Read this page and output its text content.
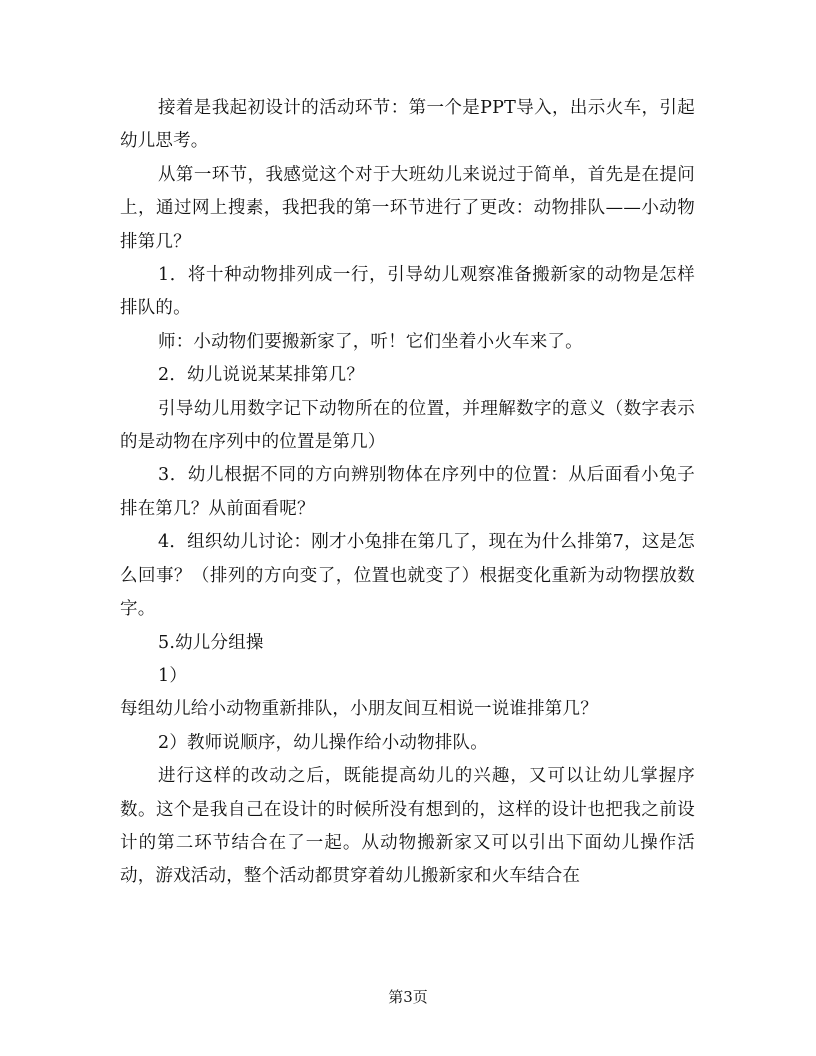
接着是我起初设计的活动环节：第一个是PPT导入，出示火车，引起幼儿思考。

从第一环节，我感觉这个对于大班幼儿来说过于简单，首先是在提问上，通过网上搜素，我把我的第一环节进行了更改：动物排队——小动物排第几？

1．将十种动物排列成一行，引导幼儿观察准备搬新家的动物是怎样排队的。

师：小动物们要搬新家了，听！它们坐着小火车来了。

2．幼儿说说某某排第几？

引导幼儿用数字记下动物所在的位置，并理解数字的意义（数字表示的是动物在序列中的位置是第几）

3．幼儿根据不同的方向辨别物体在序列中的位置：从后面看小兔子排在第几？从前面看呢？

4．组织幼儿讨论：刚才小兔排在第几了，现在为什么排第7，这是怎么回事？（排列的方向变了，位置也就变了）根据变化重新为动物摆放数字。

5.幼儿分组操

1）

每组幼儿给小动物重新排队，小朋友间互相说一说谁排第几？

2）教师说顺序，幼儿操作给小动物排队。

进行这样的改动之后，既能提高幼儿的兴趣，又可以让幼儿掌握序数。这个是我自己在设计的时候所没有想到的，这样的设计也把我之前设计的第二环节结合在了一起。从动物搬新家又可以引出下面幼儿操作活动，游戏活动，整个活动都贯穿着幼儿搬新家和火车结合在

第3页
